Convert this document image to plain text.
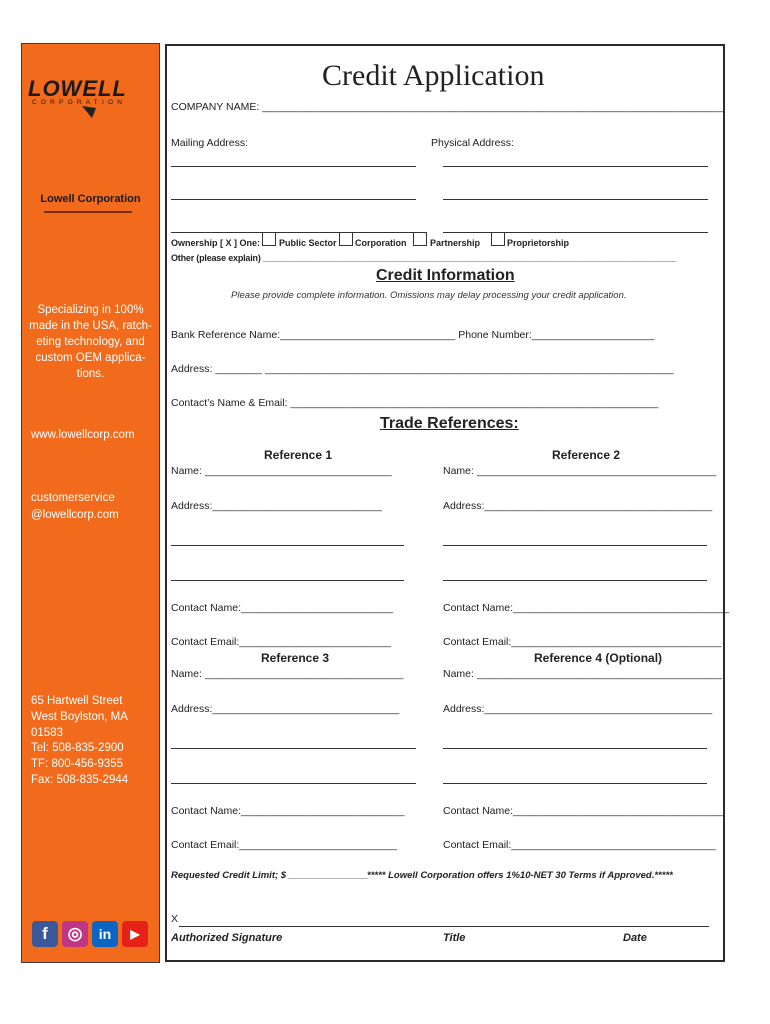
LOWELL
CORPORATION
Lowell Corporation
Specializing in 100% made in the USA, ratch-eting technology, and custom OEM applica-tions.
www.lowellcorp.com
customerservice
@lowellcorp.com
65 Hartwell Street
West Boylston, MA
01583
Tel: 508-835-2900
TF: 800-456-9355
Fax: 508-835-2944
f	◎	in	▶
Credit Application
COMPANY NAME: _______________________________________________________________________________
Mailing Address:	Physical Address:
Ownership [ X ] One: Public Sector Corporation	Partnership	Proprietorship
Other (please explain) ______________________________________________________________________________________
Credit Information
Please provide complete information. Omissions may delay processing your credit application.
Bank Reference Name:______________________________ Phone Number:_____________________
Address: ________ ______________________________________________________________________
Contact’s Name & Email: _______________________________________________________________
Trade References:
Reference 1	Reference 2
Name: ________________________________	Name: _________________________________________
Address:_____________________________	Address:_______________________________________
Contact Name:__________________________	Contact Name:_____________________________________
Contact Email:__________________________	Contact Email:____________________________________
Reference 3	Reference 4 (Optional)
Name: __________________________________	Name: __________________________________________
Address:________________________________	Address:_______________________________________
Contact Name:____________________________	Contact Name:____________________________________
Contact Email:___________________________	Contact Email:___________________________________
Requested Credit Limit; $ _______________ ***** Lowell Corporation offers 1%10-NET 30 Terms if Approved.*****
X
Authorized Signature	Title	Date
